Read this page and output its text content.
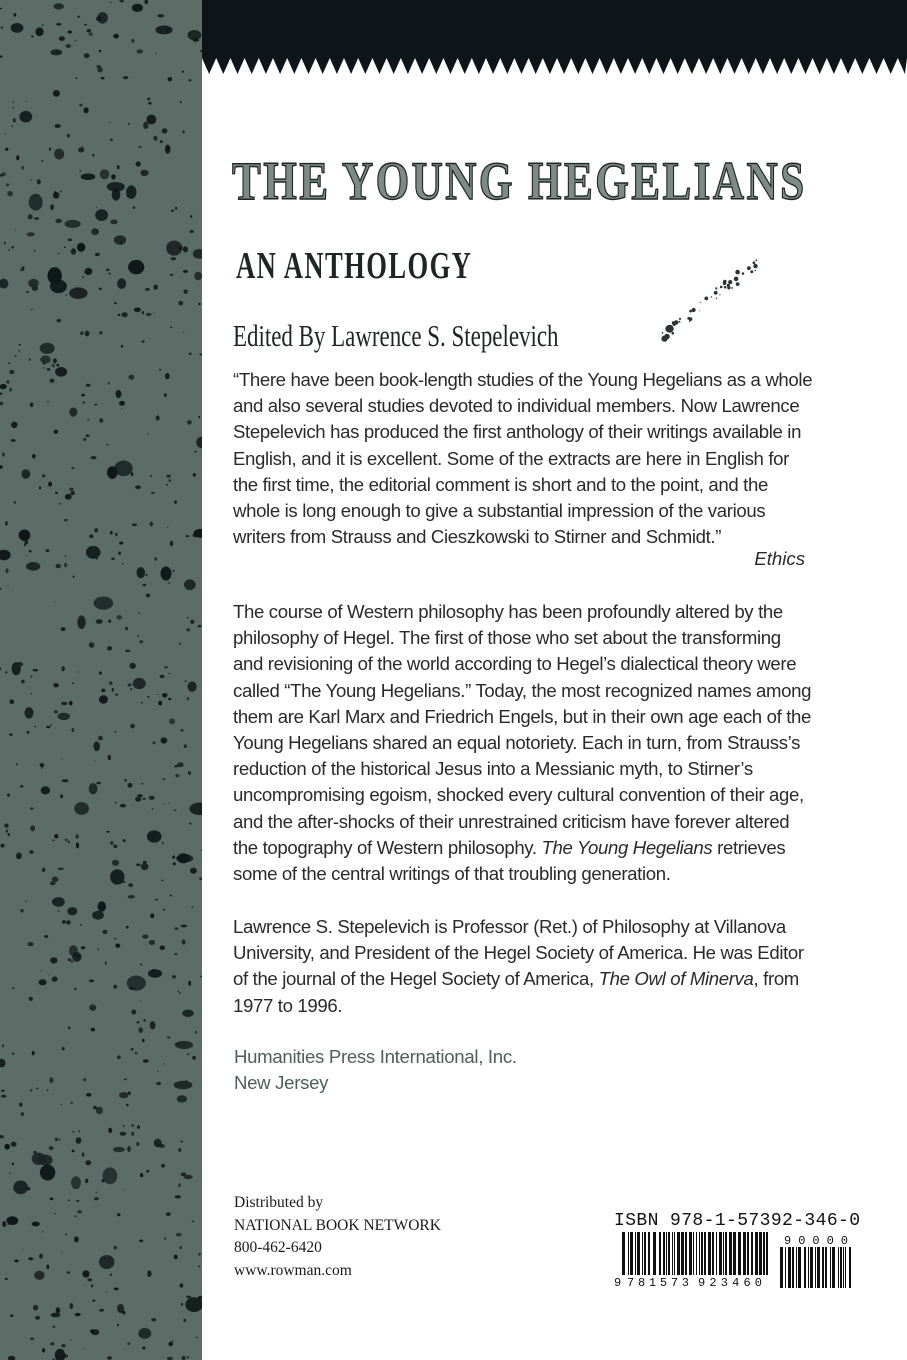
THE YOUNG HEGELIANS
AN ANTHOLOGY

Edited By Lawrence S. Stepelevich

“There have been book-length studies of the Young Hegelians as a whole
and also several studies devoted to individual members. Now Lawrence
Stepelevich has produced the first anthology of their writings available in
English, and it is excellent. Some of the extracts are here in English for
the first time, the editorial comment is short and to the point, and the
whole is long enough to give a substantial impression of the various
writers from Strauss and Cieszkowski to Stirner and Schmidt.”

Ethics

The course of Western philosophy has been profoundly altered by the
philosophy of Hegel. The first of those who set about the transforming
and revisioning of the world according to Hegel’s dialectical theory were
called “The Young Hegelians.” Today, the most recognized names among
them are Karl Marx and Friedrich Engels, but in their own age each of the
Young Hegelians shared an equal notoriety. Each in turn, from Strauss’s
reduction of the historical Jesus into a Messianic myth, to Stirner’s
uncompromising egoism, shocked every cultural convention of their age,
and the after-shocks of their unrestrained criticism have forever altered
the topography of Western philosophy. The Young Hegelians retrieves
some of the central writings of that troubling generation.
Lawrence S. Stepelevich is Professor (Ret.) of Philosophy at Villanova
University, and President of the Hegel Society of America. He was Editor
of the journal of the Hegel Society of America, The Owl of Minerva, from
1977 to 1996.
Humanities Press International, Inc.
New Jersey
Distributed by
NATIONAL BOOK NETWORK
800-462-6420
www.rowman.com

ISBN 978-1-57392-346-0

9 781573 923460
90000
